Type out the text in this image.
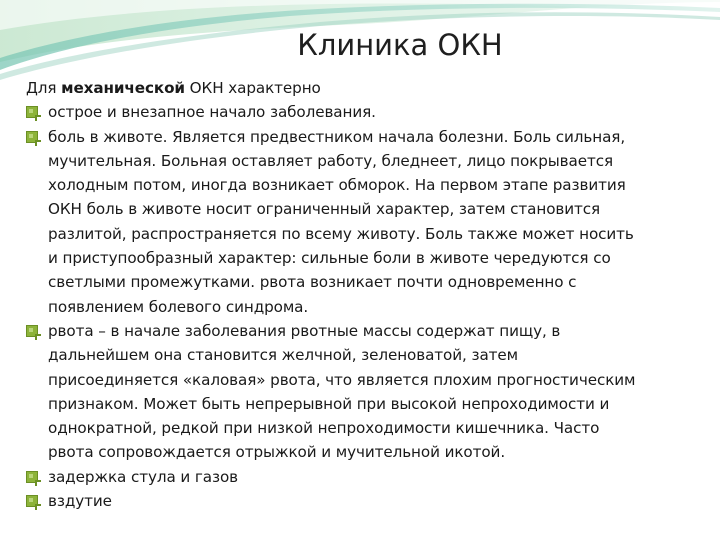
Клиника ОКН

Для механической ОКН характерно

острое и внезапное начало заболевания.
боль в животе. Является предвестником начала болезни. Боль сильная,
мучительная. Больная оставляет работу, бледнеет, лицо покрывается
холодным потом, иногда возникает обморок. На первом этапе развития
ОКН боль в животе носит ограниченный характер, затем становится
разлитой, распространяется по всему животу. Боль также может носить
и приступообразный характер: сильные боли в животе чередуются со
светлыми промежутками. рвота возникает почти одновременно с
появлением болевого синдрома.
рвота – в начале заболевания рвотные массы содержат пищу, в
дальнейшем она становится желчной, зеленоватой, затем
присоединяется «каловая» рвота, что является плохим прогностическим
признаком. Может быть непрерывной при высокой непроходимости и
однократной, редкой при низкой непроходимости кишечника. Часто
рвота сопровождается отрыжкой и мучительной икотой.
задержка стула и газов
вздутие
